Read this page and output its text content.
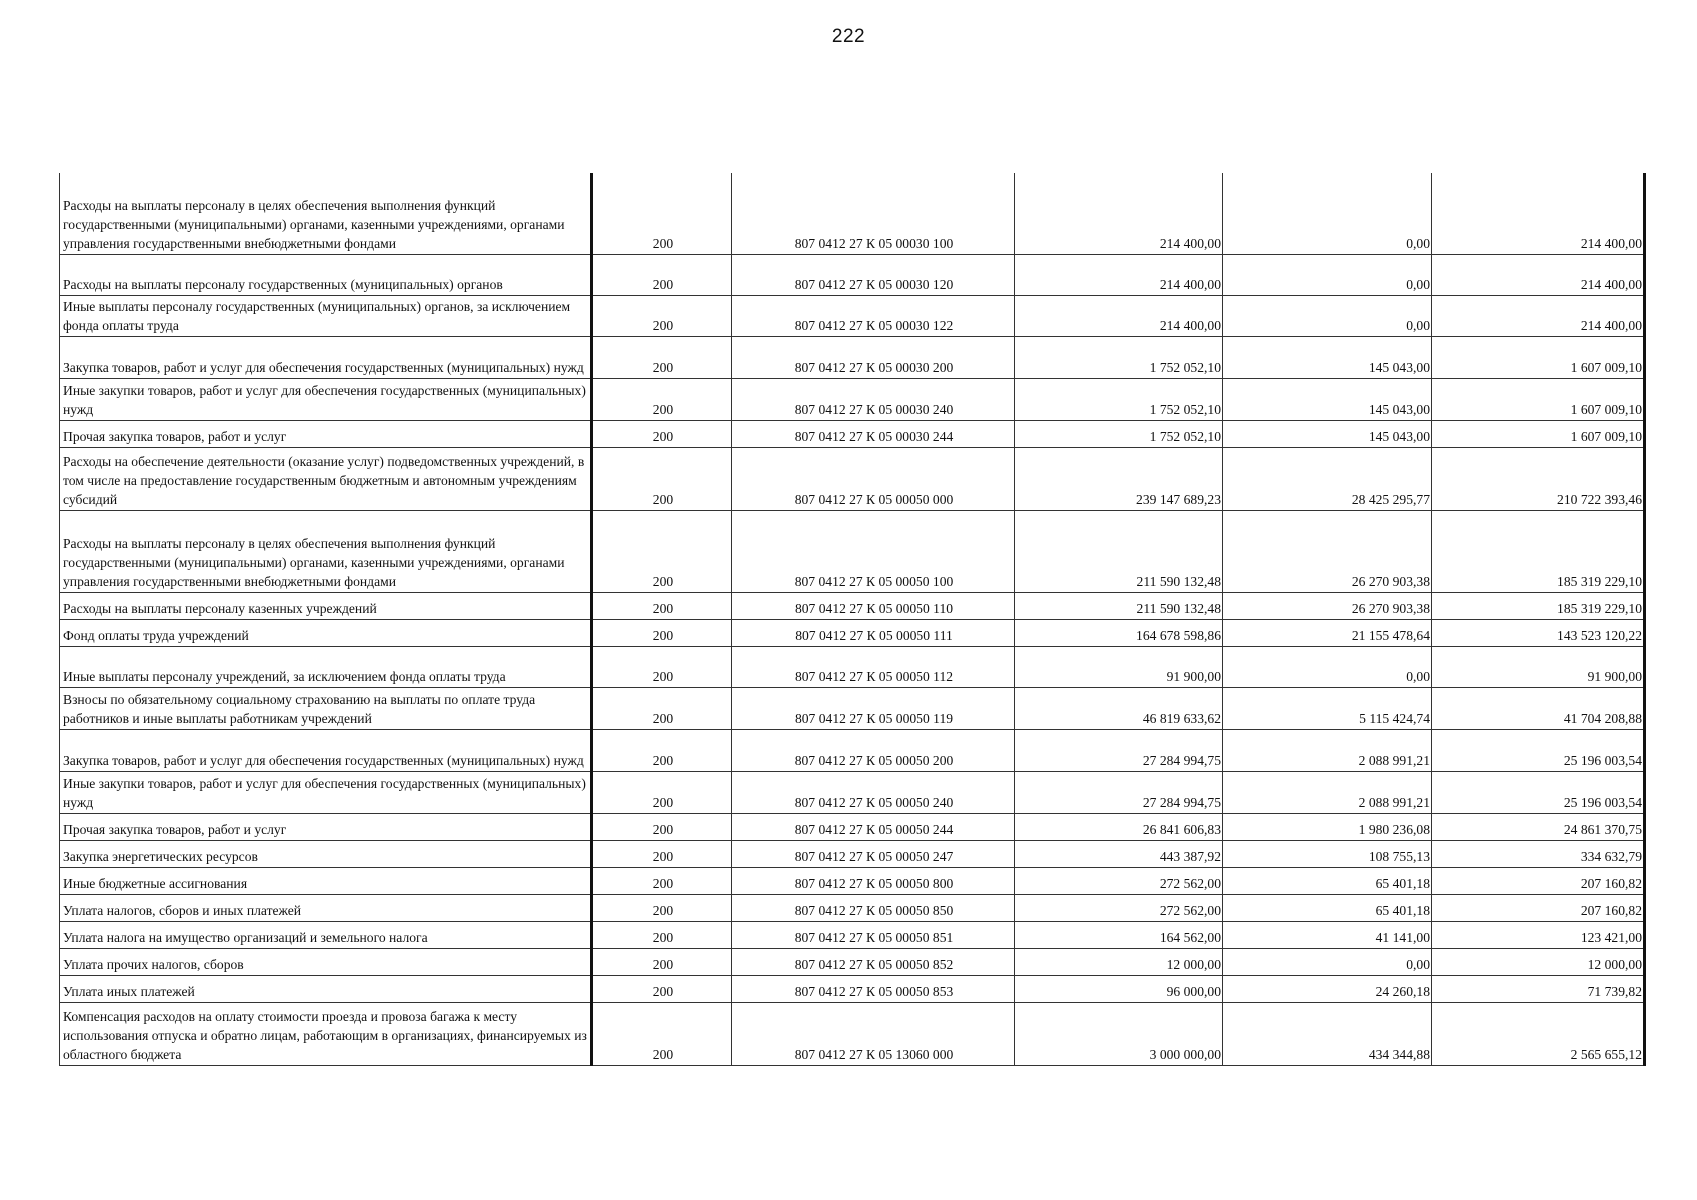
222
Расходы на выплаты персоналу в целях обеспечения выполнения функций государственными (муниципальными) органами, казенными учреждениями, органами управления государственными внебюджетными фондами	200	807 0412 27 К 05 00030 100	214 400,00	0,00	214 400,00

Расходы на выплаты персоналу государственных (муниципальных) органов	200	807 0412 27 К 05 00030 120	214 400,00	0,00	214 400,00

Иные выплаты персоналу государственных (муниципальных) органов, за исключением фонда оплаты труда	200	807 0412 27 К 05 00030 122	214 400,00	0,00	214 400,00

Закупка товаров, работ и услуг для обеспечения государственных (муниципальных) нужд	200	807 0412 27 К 05 00030 200	1 752 052,10	145 043,00	1 607 009,10

Иные закупки товаров, работ и услуг для обеспечения государственных (муниципальных) нужд	200	807 0412 27 К 05 00030 240	1 752 052,10	145 043,00	1 607 009,10

Прочая закупка товаров, работ и услуг	200	807 0412 27 К 05 00030 244	1 752 052,10	145 043,00	1 607 009,10

Расходы на обеспечение деятельности (оказание услуг) подведомственных учреждений, в том числе на предоставление государственным бюджетным и автономным учреждениям субсидий	200	807 0412 27 К 05 00050 000	239 147 689,23	28 425 295,77	210 722 393,46

Расходы на выплаты персоналу в целях обеспечения выполнения функций государственными (муниципальными) органами, казенными учреждениями, органами управления государственными внебюджетными фондами	200	807 0412 27 К 05 00050 100	211 590 132,48	26 270 903,38	185 319 229,10

Расходы на выплаты персоналу казенных учреждений	200	807 0412 27 К 05 00050 110	211 590 132,48	26 270 903,38	185 319 229,10

Фонд оплаты труда учреждений	200	807 0412 27 К 05 00050 111	164 678 598,86	21 155 478,64	143 523 120,22

Иные выплаты персоналу учреждений, за исключением фонда оплаты труда	200	807 0412 27 К 05 00050 112	91 900,00	0,00	91 900,00

Взносы по обязательному социальному страхованию на выплаты по оплате труда работников и иные выплаты работникам учреждений	200	807 0412 27 К 05 00050 119	46 819 633,62	5 115 424,74	41 704 208,88

Закупка товаров, работ и услуг для обеспечения государственных (муниципальных) нужд	200	807 0412 27 К 05 00050 200	27 284 994,75	2 088 991,21	25 196 003,54

Иные закупки товаров, работ и услуг для обеспечения государственных (муниципальных) нужд	200	807 0412 27 К 05 00050 240	27 284 994,75	2 088 991,21	25 196 003,54

Прочая закупка товаров, работ и услуг	200	807 0412 27 К 05 00050 244	26 841 606,83	1 980 236,08	24 861 370,75

Закупка энергетических ресурсов	200	807 0412 27 К 05 00050 247	443 387,92	108 755,13	334 632,79

Иные бюджетные ассигнования	200	807 0412 27 К 05 00050 800	272 562,00	65 401,18	207 160,82

Уплата налогов, сборов и иных платежей	200	807 0412 27 К 05 00050 850	272 562,00	65 401,18	207 160,82

Уплата налога на имущество организаций и земельного налога	200	807 0412 27 К 05 00050 851	164 562,00	41 141,00	123 421,00

Уплата прочих налогов, сборов	200	807 0412 27 К 05 00050 852	12 000,00	0,00	12 000,00

Уплата иных платежей	200	807 0412 27 К 05 00050 853	96 000,00	24 260,18	71 739,82

Компенсация расходов на оплату стоимости проезда и провоза багажа к месту использования отпуска и обратно лицам, работающим в организациях, финансируемых из областного бюджета	200	807 0412 27 К 05 13060 000	3 000 000,00	434 344,88	2 565 655,12
